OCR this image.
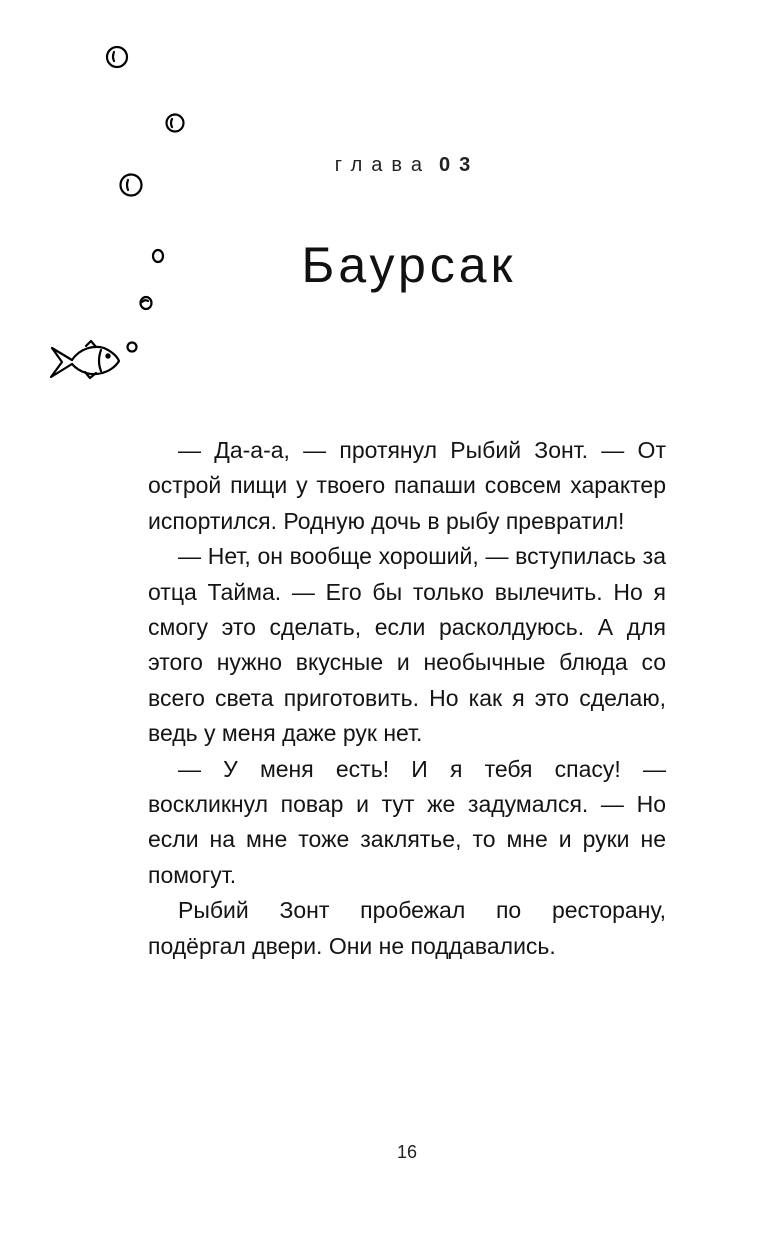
глава 03
Баурсак

— Да-а-а, — протянул Рыбий Зонт. — От острой пищи у твоего папаши совсем характер испортился. Родную дочь в рыбу превратил!

— Нет, он вообще хороший, — вступилась за отца Тайма. — Его бы только вылечить. Но я смогу это сделать, если расколдуюсь. А для этого нужно вкусные и необычные блюда со всего света приготовить. Но как я это сделаю, ведь у меня даже рук нет.

— У меня есть! И я тебя спасу! — воскликнул повар и тут же задумался. — Но если на мне тоже заклятье, то мне и руки не помогут.

Рыбий Зонт пробежал по ресторану, подёргал двери. Они не поддавались.

16
